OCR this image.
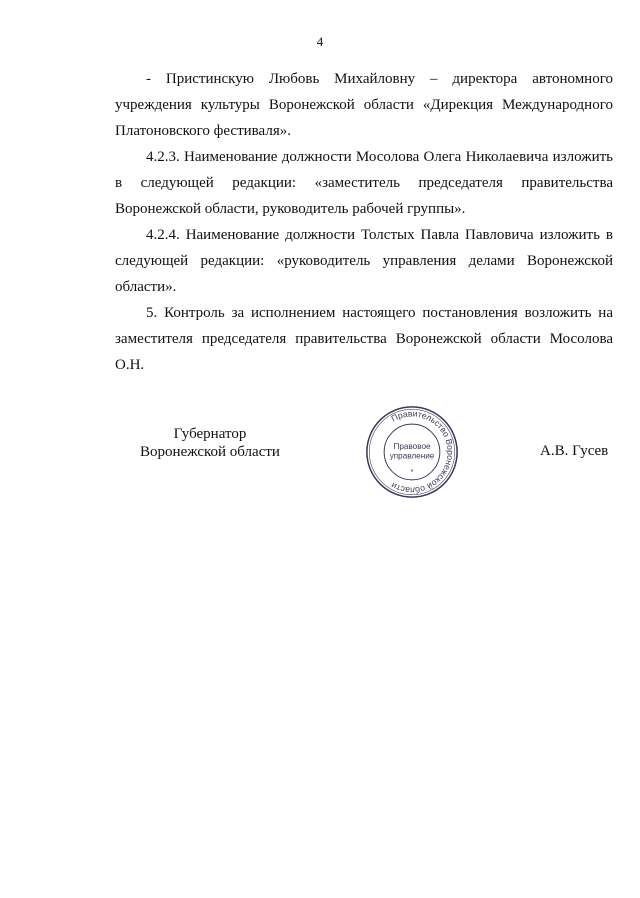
4

- Пристинскую Любовь Михайловну – директора автономного учреждения культуры Воронежской области «Дирекция Международного Платоновского фестиваля».

4.2.3. Наименование должности Мосолова Олега Николаевича изложить в следующей редакции: «заместитель председателя правительства Воронежской области, руководитель рабочей группы».

4.2.4. Наименование должности Толстых Павла Павловича изложить в следующей редакции: «руководитель управления делами Воронежской области».

5. Контроль за исполнением настоящего постановления возложить на заместителя председателя правительства Воронежской области Мосолова О.Н.

Губернатор
Воронежской области
Правительство Воронежской области
Правовое
управление
*
А.В. Гусев
